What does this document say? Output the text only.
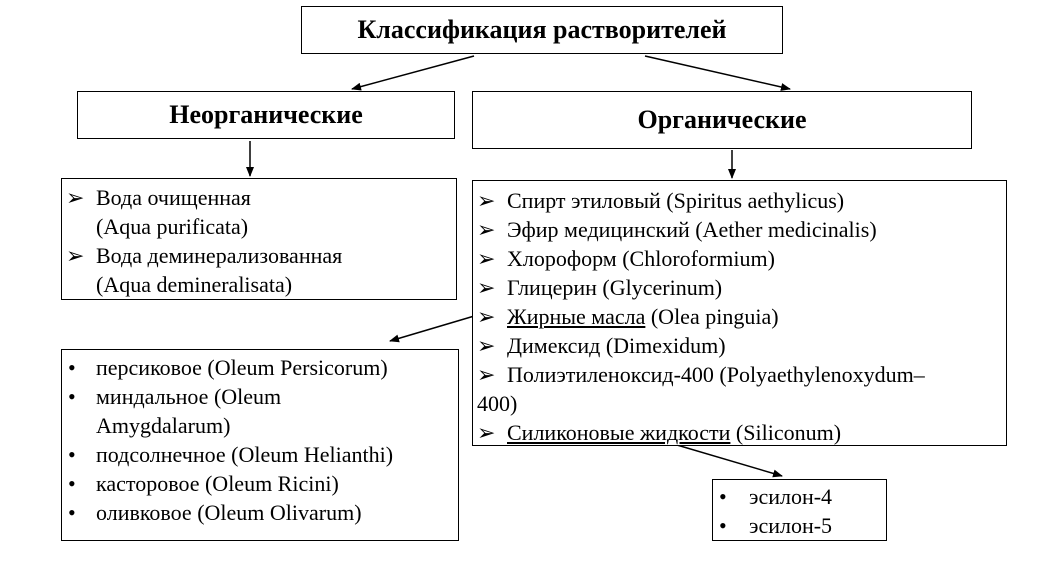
Классификация растворителей
Неорганические	Органические
➢ Вода очищенная
(Aqua purificata)
➢ Вода деминерализованная
(Aqua demineralisata)
➢ Спирт этиловый (Spiritus aethylicus)
➢ Эфир медицинский (Aether medicinalis)
➢ Хлороформ (Chloroformium)
➢ Глицерин (Glycerinum)
➢ Жирные масла (Olea pinguia)
➢ Димексид (Dimexidum)
➢ Полиэтиленоксид-400 (Polyaethylenoxydum–
400)
➢ Силиконовые жидкости (Siliconum)
• персиковое (Oleum Persicorum)
• миндальное (Oleum
Amygdalarum)
• подсолнечное (Oleum Helianthi)
• касторовое (Oleum Ricini)
• оливковое (Oleum Olivarum)
•	эсилон-4
•	эсилон-5
